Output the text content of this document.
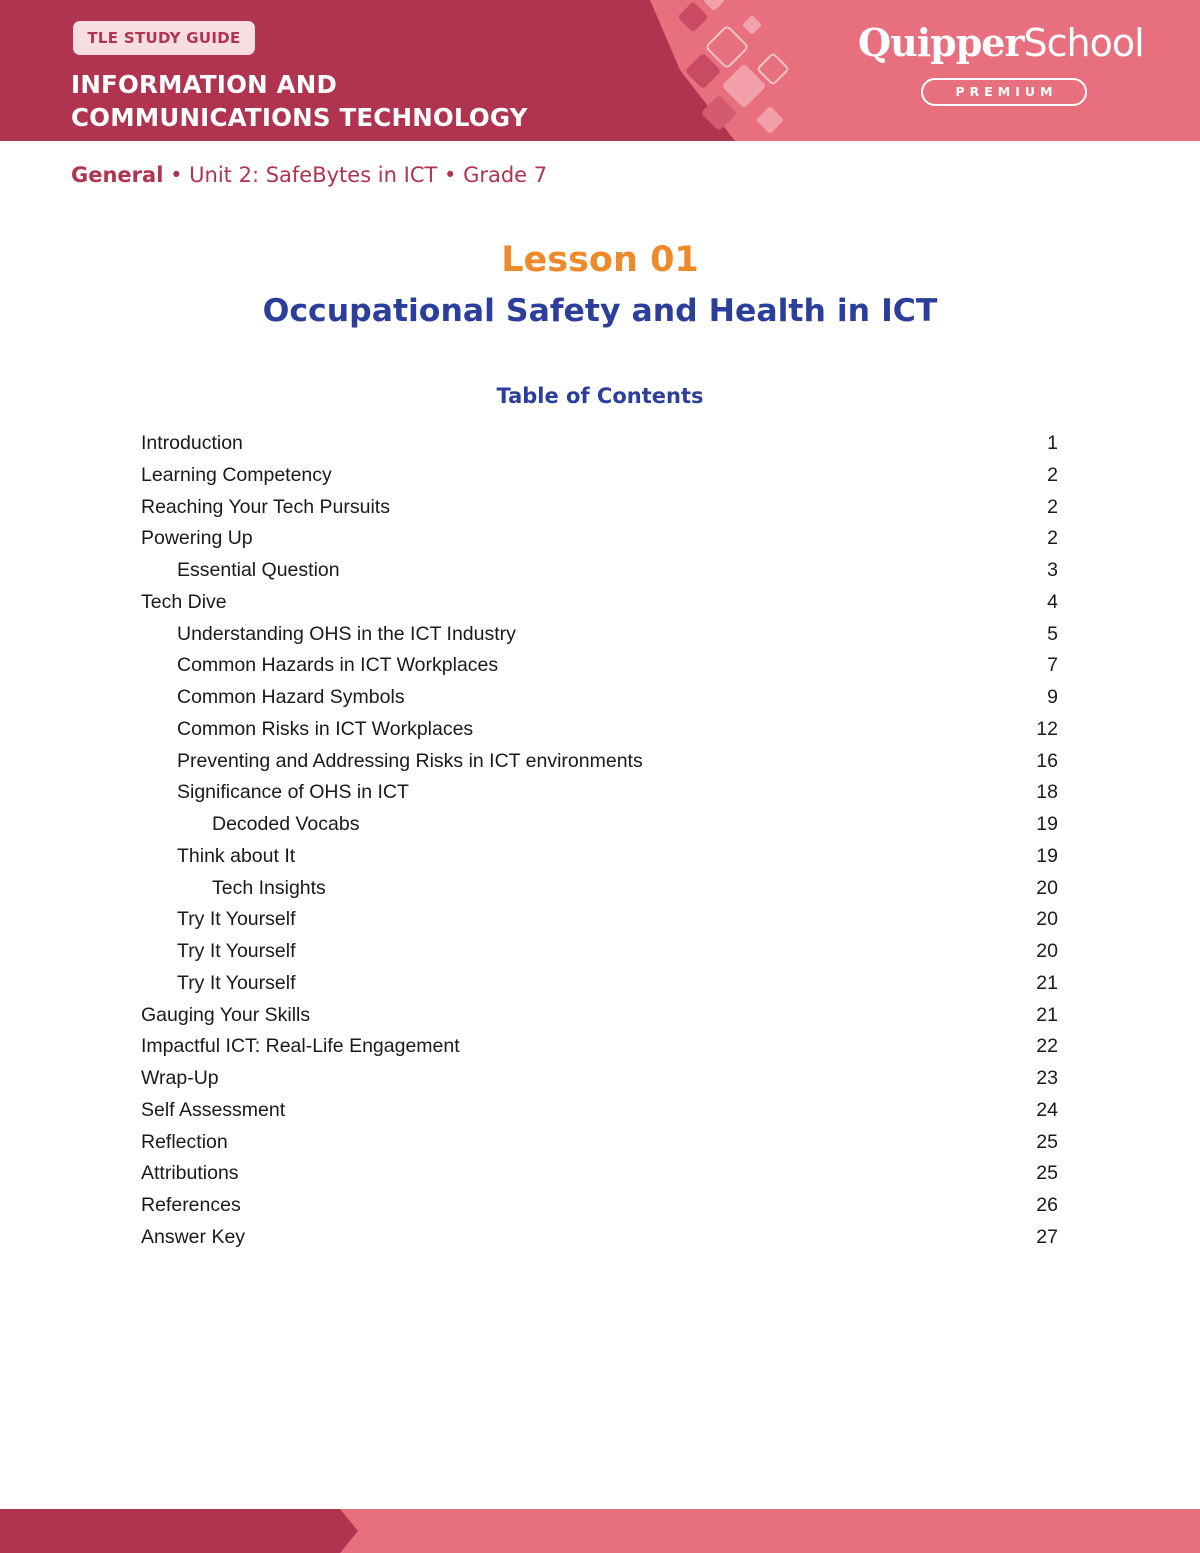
TLE STUDY GUIDE
INFORMATION AND
COMMUNICATIONS TECHNOLOGY
QuipperSchool
PREMIUM
General • Unit 2: SafeBytes in ICT • Grade 7
Lesson 01
Occupational Safety and Health in ICT
Table of Contents
Introduction	1
Learning Competency	2
Reaching Your Tech Pursuits	2
Powering Up	2
Essential Question	3
Tech Dive	4
Understanding OHS in the ICT Industry	5
Common Hazards in ICT Workplaces	7
Common Hazard Symbols	9
Common Risks in ICT Workplaces	12
Preventing and Addressing Risks in ICT environments	16
Significance of OHS in ICT	18
Decoded Vocabs	19
Think about It	19
Tech Insights	20
Try It Yourself	20
Try It Yourself	20
Try It Yourself	21
Gauging Your Skills	21
Impactful ICT: Real-Life Engagement	22
Wrap-Up	23
Self Assessment	24
Reflection	25
Attributions	25
References	26
Answer Key	27
